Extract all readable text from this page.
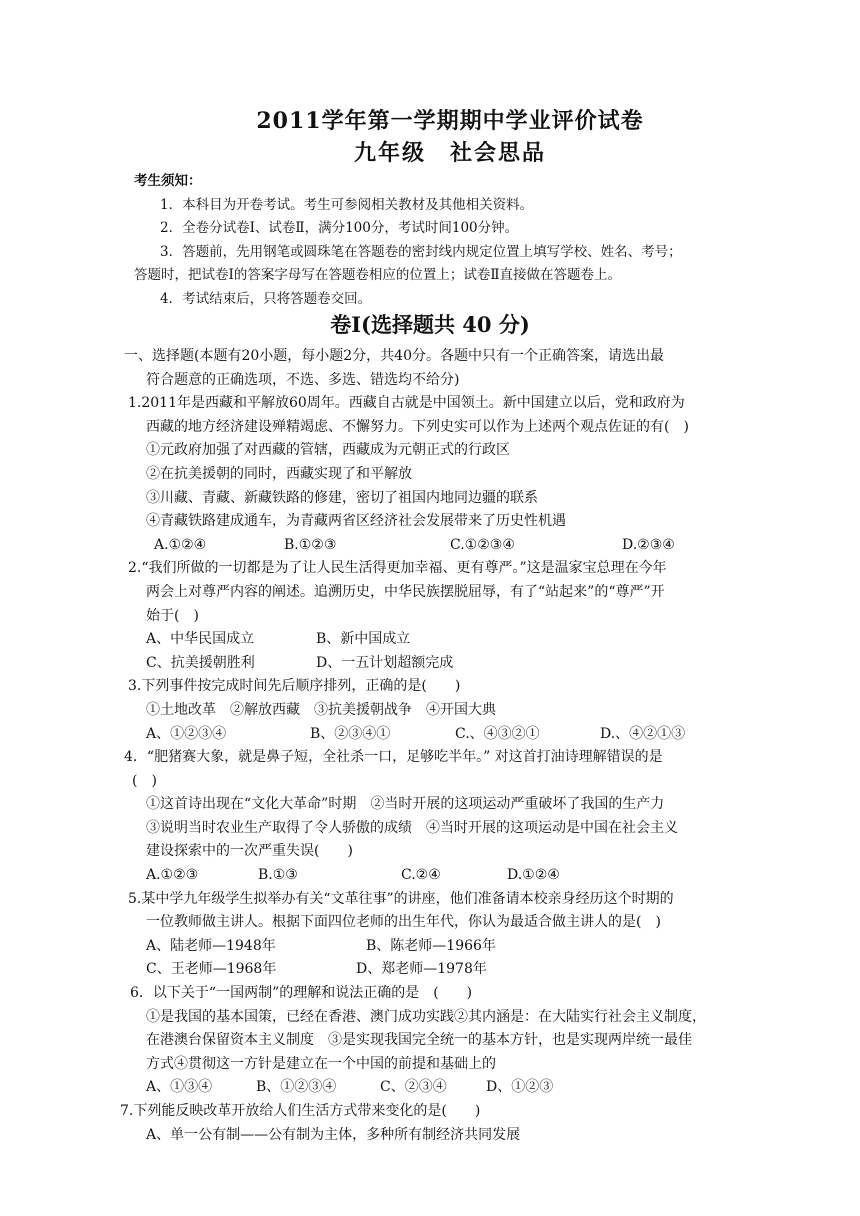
2011学年第一学期期中学业评价试卷
九年级　社会思品
考生须知：
1．本科目为开卷考试。考生可参阅相关教材及其他相关资料。
2．全卷分试卷Ⅰ、试卷Ⅱ，满分100分，考试时间100分钟。
3．答题前，先用钢笔或圆珠笔在答题卷的密封线内规定位置上填写学校、姓名、考号；
答题时，把试卷Ⅰ的答案字母写在答题卷相应的位置上；试卷Ⅱ直接做在答题卷上。
4．考试结束后，只将答题卷交回。
卷Ⅰ(选择题共 40 分)
一、选择题(本题有20小题，每小题2分，共40分。各题中只有一个正确答案，请选出最
符合题意的正确选项，不选、多选、错选均不给分)
1.2011年是西藏和平解放60周年。西藏自古就是中国领土。新中国建立以后，党和政府为
西藏的地方经济建设殚精竭虑、不懈努力。下列史实可以作为上述两个观点佐证的有(　)
①元政府加强了对西藏的管辖，西藏成为元朝正式的行政区
②在抗美援朝的同时，西藏实现了和平解放
③川藏、青藏、新藏铁路的修建，密切了祖国内地同边疆的联系
④青藏铁路建成通车，为青藏两省区经济社会发展带来了历史性机遇
A.①②④	B.①②③	C.①②③④	D.②③④
2.“我们所做的一切都是为了让人民生活得更加幸福、更有尊严。”这是温家宝总理在今年
两会上对尊严内容的阐述。追溯历史，中华民族摆脱屈辱，有了“站起来”的“尊严”开
始于(　)
A、中华民国成立	B、新中国成立
C、抗美援朝胜利	D、一五计划超额完成
3.下列事件按完成时间先后顺序排列，正确的是(　　)
①土地改革　②解放西藏　③抗美援朝战争　④开国大典
A、①②③④	B、②③④①	C.、④③②①	D.、④②①③
4．“肥猪赛大象，就是鼻子短，全社杀一口，足够吃半年。” 对这首打油诗理解错误的是
(　)
①这首诗出现在“文化大革命”时期　②当时开展的这项运动严重破坏了我国的生产力
③说明当时农业生产取得了令人骄傲的成绩　④当时开展的这项运动是中国在社会主义
建设探索中的一次严重失误(　　)
A.①②③	B.①③	C.②④	D.①②④
5.某中学九年级学生拟举办有关“文革往事”的讲座，他们准备请本校亲身经历这个时期的
一位教师做主讲人。根据下面四位老师的出生年代，你认为最适合做主讲人的是(　)
A、陆老师—1948年	B、陈老师—1966年
C、王老师—1968年	D、郑老师—1978年
6．以下关于“一国两制”的理解和说法正确的是　(　　)
①是我国的基本国策，已经在香港、澳门成功实践②其内涵是：在大陆实行社会主义制度，
在港澳台保留资本主义制度　③是实现我国完全统一的基本方针，也是实现两岸统一最佳
方式④贯彻这一方针是建立在一个中国的前提和基础上的
A、①③④	B、①②③④	C、②③④	D、①②③
7.下列能反映改革开放给人们生活方式带来变化的是(　　)
A、单一公有制——公有制为主体，多种所有制经济共同发展
